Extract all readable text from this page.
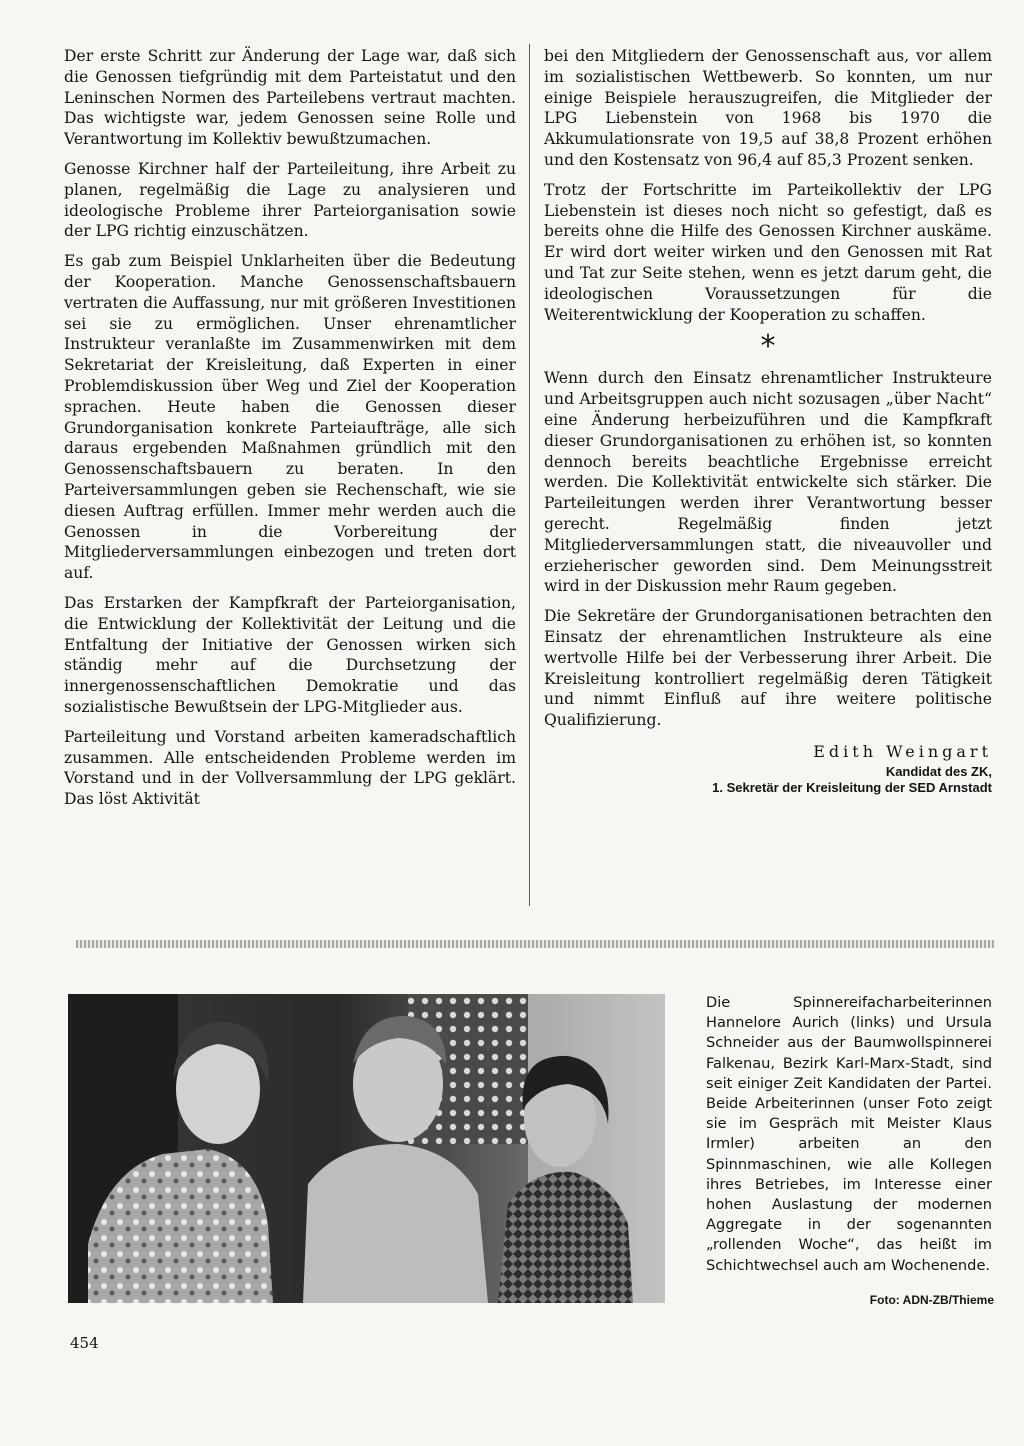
Der erste Schritt zur Änderung der Lage war, daß sich die Genossen tiefgründig mit dem Parteistatut und den Leninschen Normen des Parteilebens vertraut machten. Das wichtigste war, jedem Genossen seine Rolle und Verantwortung im Kollektiv bewußtzumachen.

Genosse Kirchner half der Parteileitung, ihre Arbeit zu planen, regelmäßig die Lage zu analysieren und ideologische Probleme ihrer Parteiorganisation sowie der LPG richtig einzuschätzen.

Es gab zum Beispiel Unklarheiten über die Bedeutung der Kooperation. Manche Genossenschaftsbauern vertraten die Auffassung, nur mit größeren Investitionen sei sie zu ermöglichen. Unser ehrenamtlicher Instrukteur veranlaßte im Zusammenwirken mit dem Sekretariat der Kreisleitung, daß Experten in einer Problemdiskussion über Weg und Ziel der Kooperation sprachen. Heute haben die Genossen dieser Grundorganisation konkrete Parteiaufträge, alle sich daraus ergebenden Maßnahmen gründlich mit den Genossenschaftsbauern zu beraten. In den Parteiversammlungen geben sie Rechenschaft, wie sie diesen Auftrag erfüllen. Immer mehr werden auch die Genossen in die Vorbereitung der Mitgliederversammlungen einbezogen und treten dort auf.

Das Erstarken der Kampfkraft der Parteiorganisation, die Entwicklung der Kollektivität der Leitung und die Entfaltung der Initiative der Genossen wirken sich ständig mehr auf die Durchsetzung der innergenossenschaftlichen Demokratie und das sozialistische Bewußtsein der LPG-Mitglieder aus.

Parteileitung und Vorstand arbeiten kameradschaftlich zusammen. Alle entscheidenden Probleme werden im Vorstand und in der Vollversammlung der LPG geklärt. Das löst Aktivität

bei den Mitgliedern der Genossenschaft aus, vor allem im sozialistischen Wettbewerb. So konnten, um nur einige Beispiele herauszugreifen, die Mitglieder der LPG Liebenstein von 1968 bis 1970 die Akkumulationsrate von 19,5 auf 38,8 Prozent erhöhen und den Kostensatz von 96,4 auf 85,3 Prozent senken.

Trotz der Fortschritte im Parteikollektiv der LPG Liebenstein ist dieses noch nicht so gefestigt, daß es bereits ohne die Hilfe des Genossen Kirchner auskäme. Er wird dort weiter wirken und den Genossen mit Rat und Tat zur Seite stehen, wenn es jetzt darum geht, die ideologischen Voraussetzungen für die Weiterentwicklung der Kooperation zu schaffen.

*

Wenn durch den Einsatz ehrenamtlicher Instrukteure und Arbeitsgruppen auch nicht sozusagen „über Nacht“ eine Änderung herbeizuführen und die Kampfkraft dieser Grundorganisationen zu erhöhen ist, so konnten dennoch bereits beachtliche Ergebnisse erreicht werden. Die Kollektivität entwickelte sich stärker. Die Parteileitungen werden ihrer Verantwortung besser gerecht. Regelmäßig finden jetzt Mitgliederversammlungen statt, die niveauvoller und erzieherischer geworden sind. Dem Meinungsstreit wird in der Diskussion mehr Raum gegeben.

Die Sekretäre der Grundorganisationen betrachten den Einsatz der ehrenamtlichen Instrukteure als eine wertvolle Hilfe bei der Verbesserung ihrer Arbeit. Die Kreisleitung kontrolliert regelmäßig deren Tätigkeit und nimmt Einfluß auf ihre weitere politische Qualifizierung.

Edith Weingart
Kandidat des ZK,
1. Sekretär der Kreisleitung der SED Arnstadt
Die Spinnereifacharbeiterinnen Hannelore Aurich (links) und Ursula Schneider aus der Baumwollspinnerei Falkenau, Bezirk Karl-Marx-Stadt, sind seit einiger Zeit Kandidaten der Partei. Beide Arbeiterinnen (unser Foto zeigt sie im Gespräch mit Meister Klaus Irmler) arbeiten an den Spinnmaschinen, wie alle Kollegen ihres Betriebes, im Interesse einer hohen Auslastung der modernen Aggregate in der sogenannten „rollenden Woche“, das heißt im Schichtwechsel auch am Wochenende.
Foto: ADN-ZB/Thieme
454
